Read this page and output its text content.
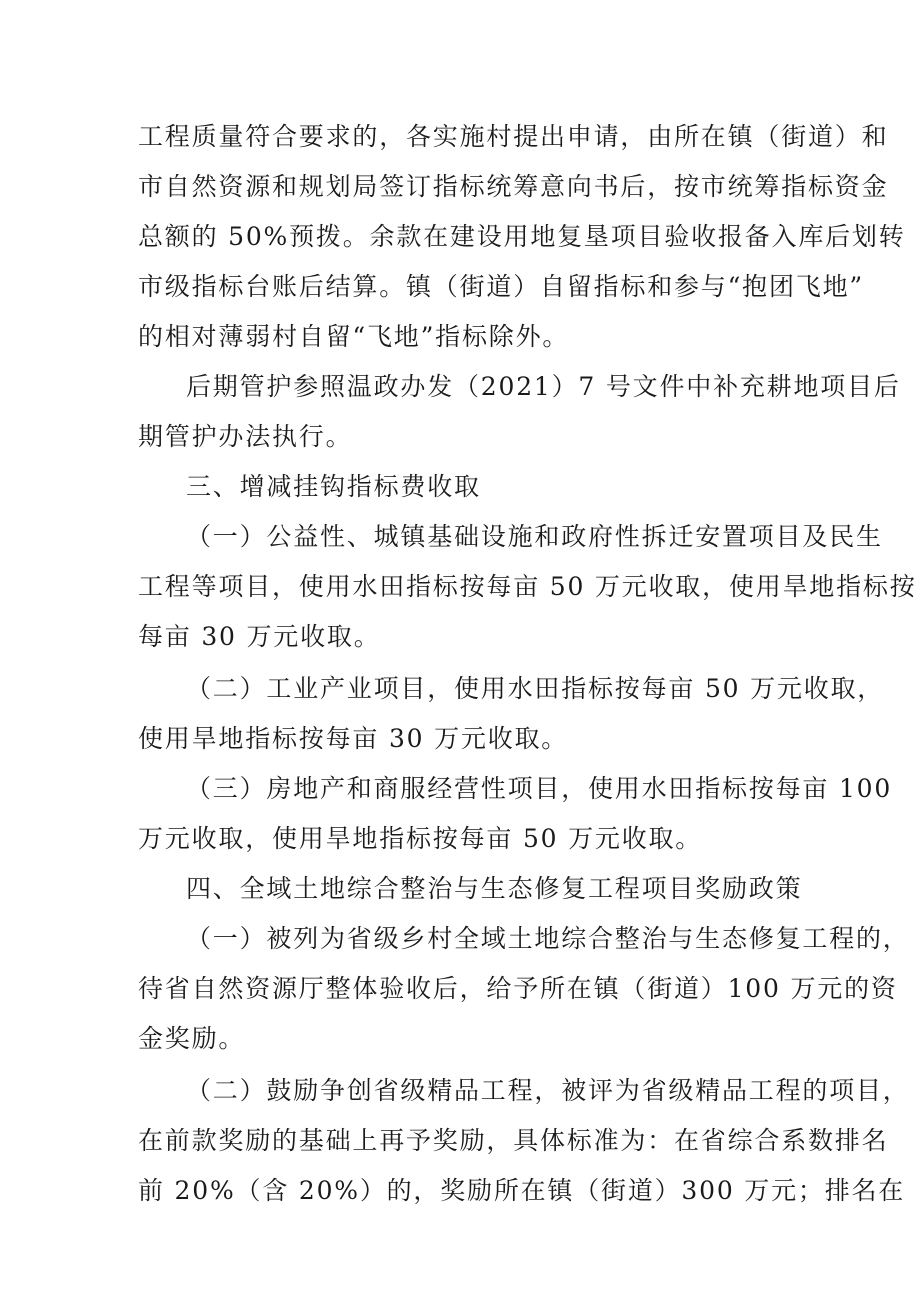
工程质量符合要求的，各实施村提出申请，由所在镇（街道）和

市自然资源和规划局签订指标统筹意向书后，按市统筹指标资金

总额的 50%预拨。余款在建设用地复垦项目验收报备入库后划转

市级指标台账后结算。镇（街道）自留指标和参与“抱团飞地”

的相对薄弱村自留“飞地”指标除外。

后期管护参照温政办发（2021）7 号文件中补充耕地项目后

期管护办法执行。

三、增减挂钩指标费收取

（一）公益性、城镇基础设施和政府性拆迁安置项目及民生

工程等项目，使用水田指标按每亩 50 万元收取，使用旱地指标按

每亩 30 万元收取。

（二）工业产业项目，使用水田指标按每亩 50 万元收取，

使用旱地指标按每亩 30 万元收取。

（三）房地产和商服经营性项目，使用水田指标按每亩 100

万元收取，使用旱地指标按每亩 50 万元收取。

四、全域土地综合整治与生态修复工程项目奖励政策

（一）被列为省级乡村全域土地综合整治与生态修复工程的，

待省自然资源厅整体验收后，给予所在镇（街道）100 万元的资

金奖励。

（二）鼓励争创省级精品工程，被评为省级精品工程的项目，

在前款奖励的基础上再予奖励，具体标准为：在省综合系数排名

前 20%（含 20%）的，奖励所在镇（街道）300 万元；排名在
